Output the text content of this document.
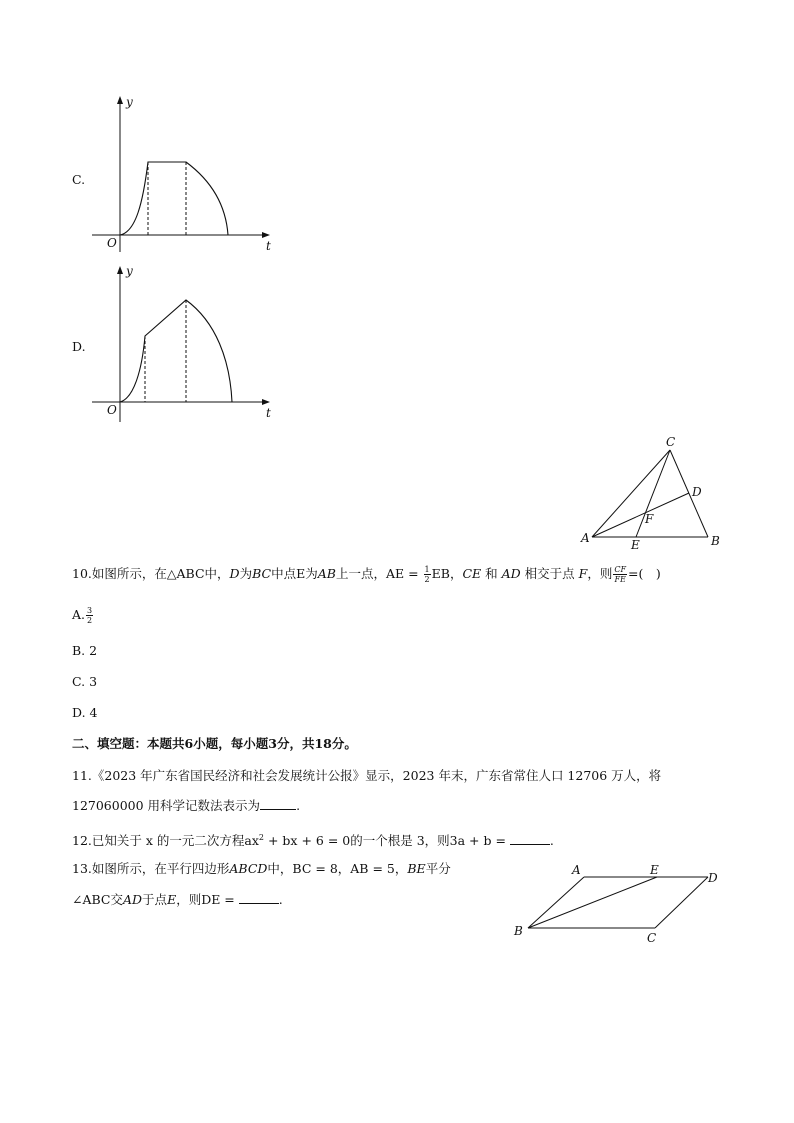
C.
y
t
O
D.
y
t
O
C
D
F
A	E	B
10.如图所示，在△ABC中，D为BC中点E为AB上一点，AE = $\frac{1}{2}$ EB，CE 和 AD 相交于点 F，则 $\frac{CF}{FE}$ =(　)
A. $\frac{3}{2}$
B. 2
C. 3
D. 4
二、填空题：本题共6小题，每小题3分，共18分。
11.《2023 年广东省国民经济和社会发展统计公报》显示，2023 年末，广东省常住人口 12706 万人，将
127060000 用科学记数法表示为	.
12.已知关于 x 的一元二次方程$ax^2$ + bx + 6 = 0的一个根是 3，则3a + b =	.
13.如图所示，在平行四边形ABCD中，BC = 8，AB = 5，BE平分
∠ABC交AD于点E，则DE =	.
A	E
D
B	C
